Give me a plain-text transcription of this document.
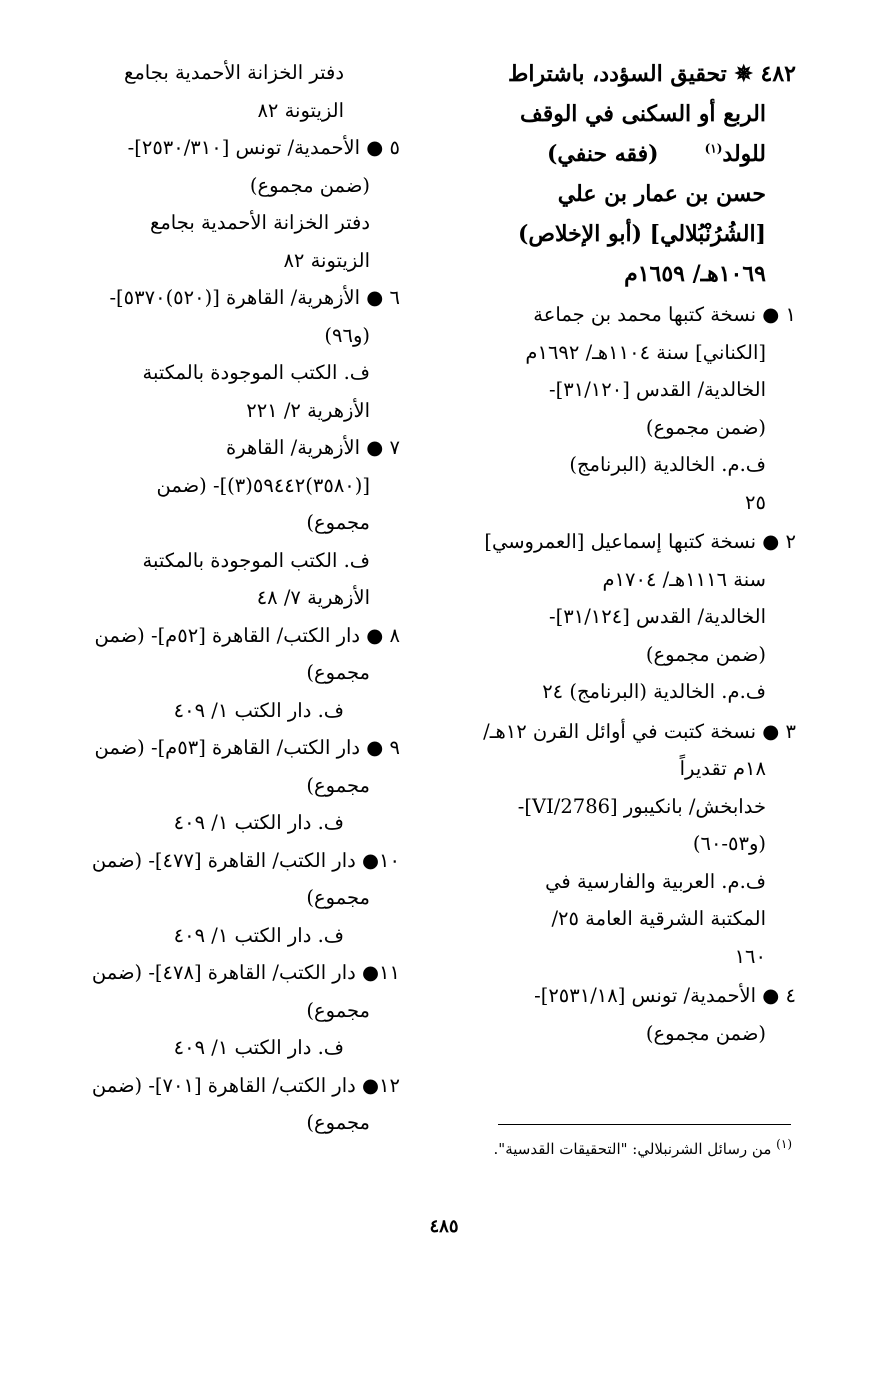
٤٨٢ ✵ تحقيق السؤدد، باشتراط
الربع أو السكنى في الوقف
للولد$^{(١)}$      (فقه حنفي)
حسن بن عمار بن علي
[الشُرُنْبُلالي] (أبو الإخلاص)
١٠٦٩هـ/ ١٦٥٩م
١ ● نسخة كتبها محمد بن جماعة
[الكناني] سنة ١١٠٤هـ/ ١٦٩٢م
الخالدية/ القدس [٣١/١٢٠]-
(ضمن مجموع)
ف.م. الخالدية (البرنامج)
٢٥
٢ ● نسخة كتبها إسماعيل [العمروسي]
سنة ١١١٦هـ/ ١٧٠٤م
الخالدية/ القدس [٣١/١٢٤]-
(ضمن مجموع)
ف.م. الخالدية (البرنامج) ٢٤
٣ ● نسخة كتبت في أوائل القرن ١٢هـ/
١٨م تقديراً
خدابخش/ بانكيبور [2786/VI]-
(و٥٣-٦٠)
ف.م. العربية والفارسية في
المكتبة الشرقية العامة ٢٥/
١٦٠
٤ ● الأحمدية/ تونس [٢٥٣١/١٨]-
(ضمن مجموع)
دفتر الخزانة الأحمدية بجامع
الزيتونة ٨٢
٥ ● الأحمدية/ تونس [٢٥٣٠/٣١٠]-
(ضمن مجموع)
دفتر الخزانة الأحمدية بجامع
الزيتونة ٨٢
٦ ● الأزهرية/ القاهرة [(٥٢٠)٥٣٧٠]-
(و٩٦)
ف. الكتب الموجودة بالمكتبة
الأزهرية ٢/ ٢٢١
٧ ● الأزهرية/ القاهرة
[(٣٥٨٠)٥٩٤٤٢(٣)]- (ضمن
مجموع)
ف. الكتب الموجودة بالمكتبة
الأزهرية ٧/ ٤٨
٨ ● دار الكتب/ القاهرة [٥٢م]- (ضمن
مجموع)
ف. دار الكتب ١/ ٤٠٩
٩ ● دار الكتب/ القاهرة [٥٣م]- (ضمن
مجموع)
ف. دار الكتب ١/ ٤٠٩
١٠● دار الكتب/ القاهرة [٤٧٧]- (ضمن
مجموع)
ف. دار الكتب ١/ ٤٠٩
١١● دار الكتب/ القاهرة [٤٧٨]- (ضمن
مجموع)
ف. دار الكتب ١/ ٤٠٩
١٢● دار الكتب/ القاهرة [٧٠١]- (ضمن
مجموع)
$^{(١)}$ من رسائل الشرنبلالي: "التحقيقات القدسية".
٤٨٥
